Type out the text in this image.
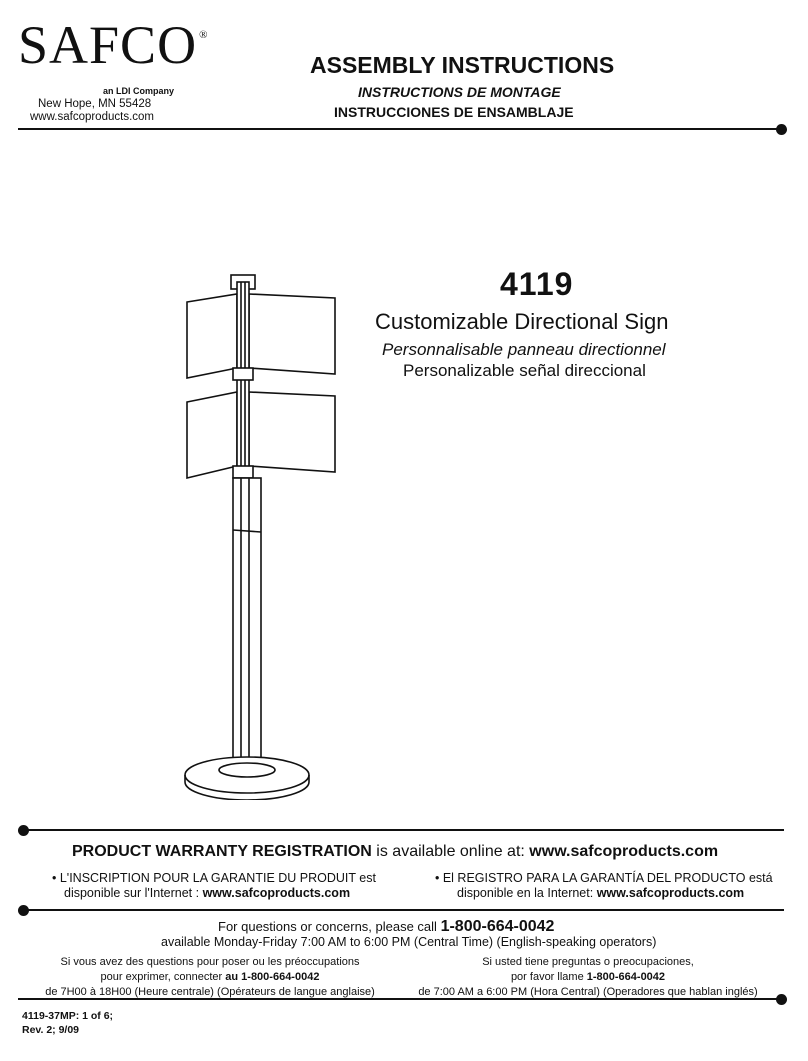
SAFCO ®
an LDI Company
New Hope, MN 55428
www.safcoproducts.com
ASSEMBLY INSTRUCTIONS
INSTRUCTIONS DE MONTAGE
INSTRUCCIONES DE ENSAMBLAJE
4119
Customizable Directional Sign
Personnalisable panneau directionnel
Personalizable señal direccional
PRODUCT WARRANTY REGISTRATION is available online at: www.safcoproducts.com
• L'INSCRIPTION POUR LA GARANTIE DU PRODUIT est
disponible sur l'Internet : www.safcoproducts.com
• El REGISTRO PARA LA GARANTÍA DEL PRODUCTO está
disponible en la Internet: www.safcoproducts.com
For questions or concerns, please call 1-800-664-0042
available Monday-Friday 7:00 AM to 6:00 PM (Central Time) (English-speaking operators)
Si vous avez des questions pour poser ou les préoccupations
pour exprimer, connecter au 1-800-664-0042
de 7H00 à 18H00 (Heure centrale) (Opérateurs de langue anglaise)
Si usted tiene preguntas o preocupaciones,
por favor llame 1-800-664-0042
de 7:00 AM a 6:00 PM (Hora Central) (Operadores que hablan inglés)
4119-37MP: 1 of 6;
Rev. 2; 9/09
